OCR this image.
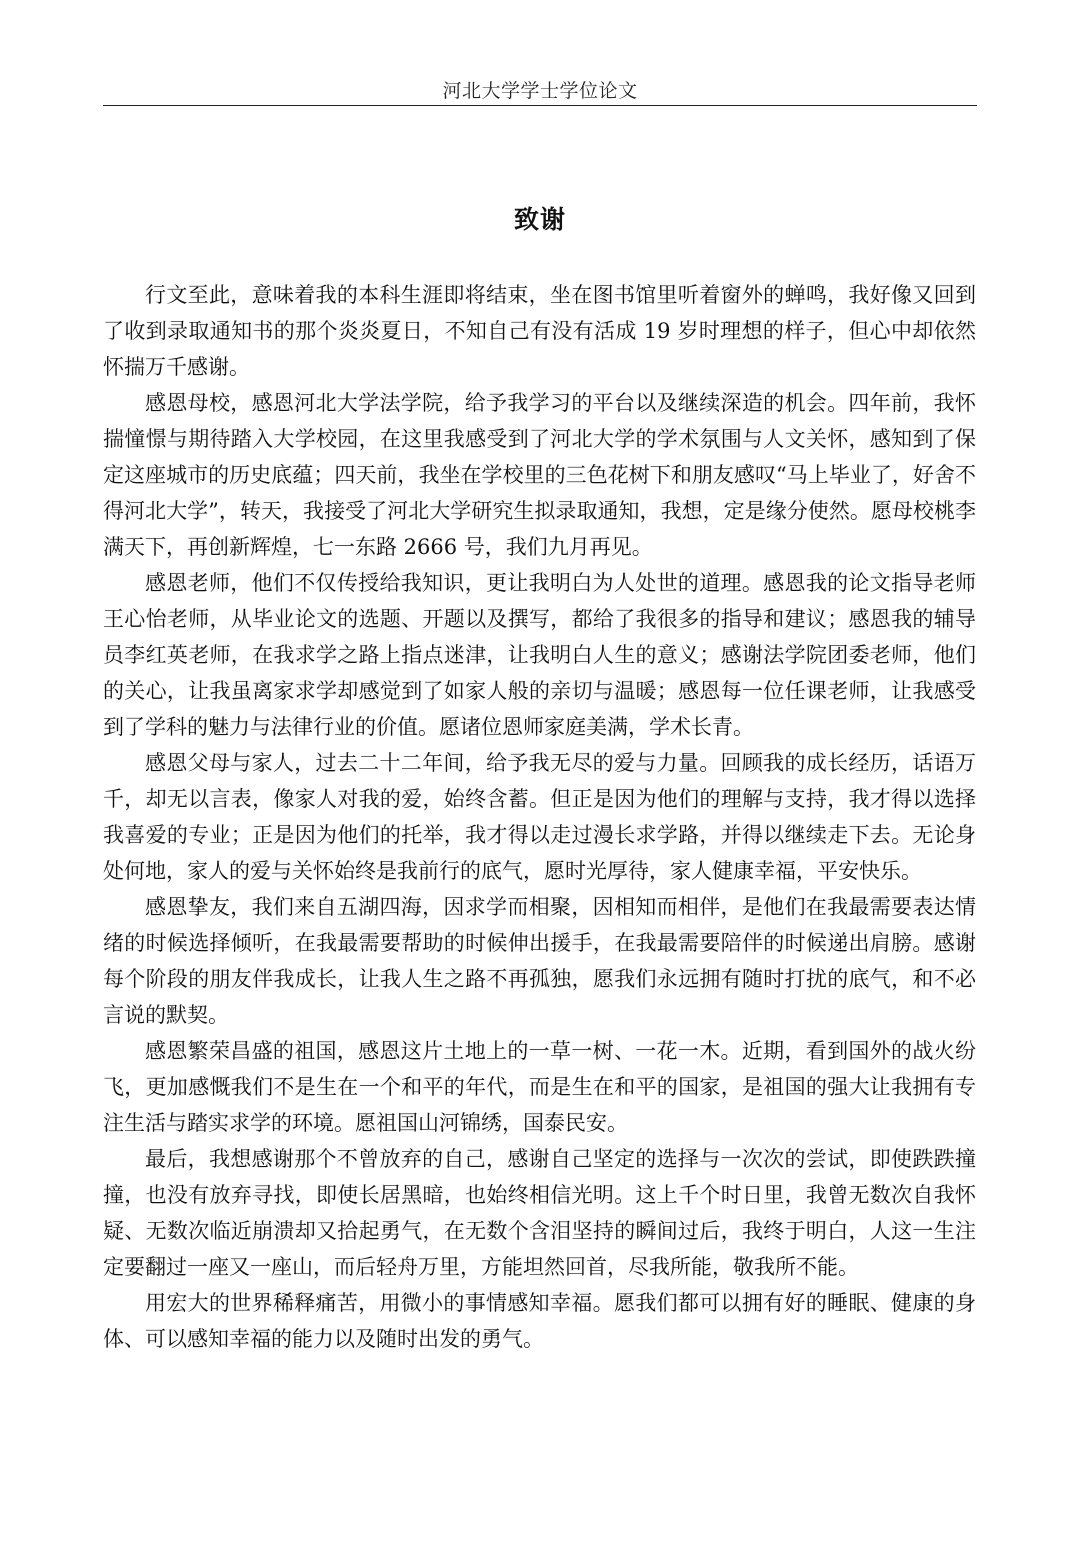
河北大学学士学位论文
致谢

行文至此，意味着我的本科生涯即将结束，坐在图书馆里听着窗外的蝉鸣，我好像又回到了收到录取通知书的那个炎炎夏日，不知自己有没有活成 19 岁时理想的样子，但心中却依然怀揣万千感谢。

感恩母校，感恩河北大学法学院，给予我学习的平台以及继续深造的机会。四年前，我怀揣憧憬与期待踏入大学校园，在这里我感受到了河北大学的学术氛围与人文关怀，感知到了保定这座城市的历史底蕴；四天前，我坐在学校里的三色花树下和朋友感叹“马上毕业了，好舍不得河北大学”，转天，我接受了河北大学研究生拟录取通知，我想，定是缘分使然。愿母校桃李满天下，再创新辉煌，七一东路 2666 号，我们九月再见。

感恩老师，他们不仅传授给我知识，更让我明白为人处世的道理。感恩我的论文指导老师王心怡老师，从毕业论文的选题、开题以及撰写，都给了我很多的指导和建议；感恩我的辅导员李红英老师，在我求学之路上指点迷津，让我明白人生的意义；感谢法学院团委老师，他们的关心，让我虽离家求学却感觉到了如家人般的亲切与温暖；感恩每一位任课老师，让我感受到了学科的魅力与法律行业的价值。愿诸位恩师家庭美满，学术长青。

感恩父母与家人，过去二十二年间，给予我无尽的爱与力量。回顾我的成长经历，话语万千，却无以言表，像家人对我的爱，始终含蓄。但正是因为他们的理解与支持，我才得以选择我喜爱的专业；正是因为他们的托举，我才得以走过漫长求学路，并得以继续走下去。无论身处何地，家人的爱与关怀始终是我前行的底气，愿时光厚待，家人健康幸福，平安快乐。

感恩挚友，我们来自五湖四海，因求学而相聚，因相知而相伴，是他们在我最需要表达情绪的时候选择倾听，在我最需要帮助的时候伸出援手，在我最需要陪伴的时候递出肩膀。感谢每个阶段的朋友伴我成长，让我人生之路不再孤独，愿我们永远拥有随时打扰的底气，和不必言说的默契。

感恩繁荣昌盛的祖国，感恩这片土地上的一草一树、一花一木。近期，看到国外的战火纷飞，更加感慨我们不是生在一个和平的年代，而是生在和平的国家，是祖国的强大让我拥有专注生活与踏实求学的环境。愿祖国山河锦绣，国泰民安。

最后，我想感谢那个不曾放弃的自己，感谢自己坚定的选择与一次次的尝试，即使跌跌撞撞，也没有放弃寻找，即使长居黑暗，也始终相信光明。这上千个时日里，我曾无数次自我怀疑、无数次临近崩溃却又拾起勇气，在无数个含泪坚持的瞬间过后，我终于明白，人这一生注定要翻过一座又一座山，而后轻舟万里，方能坦然回首，尽我所能，敬我所不能。

用宏大的世界稀释痛苦，用微小的事情感知幸福。愿我们都可以拥有好的睡眠、健康的身体、可以感知幸福的能力以及随时出发的勇气。
